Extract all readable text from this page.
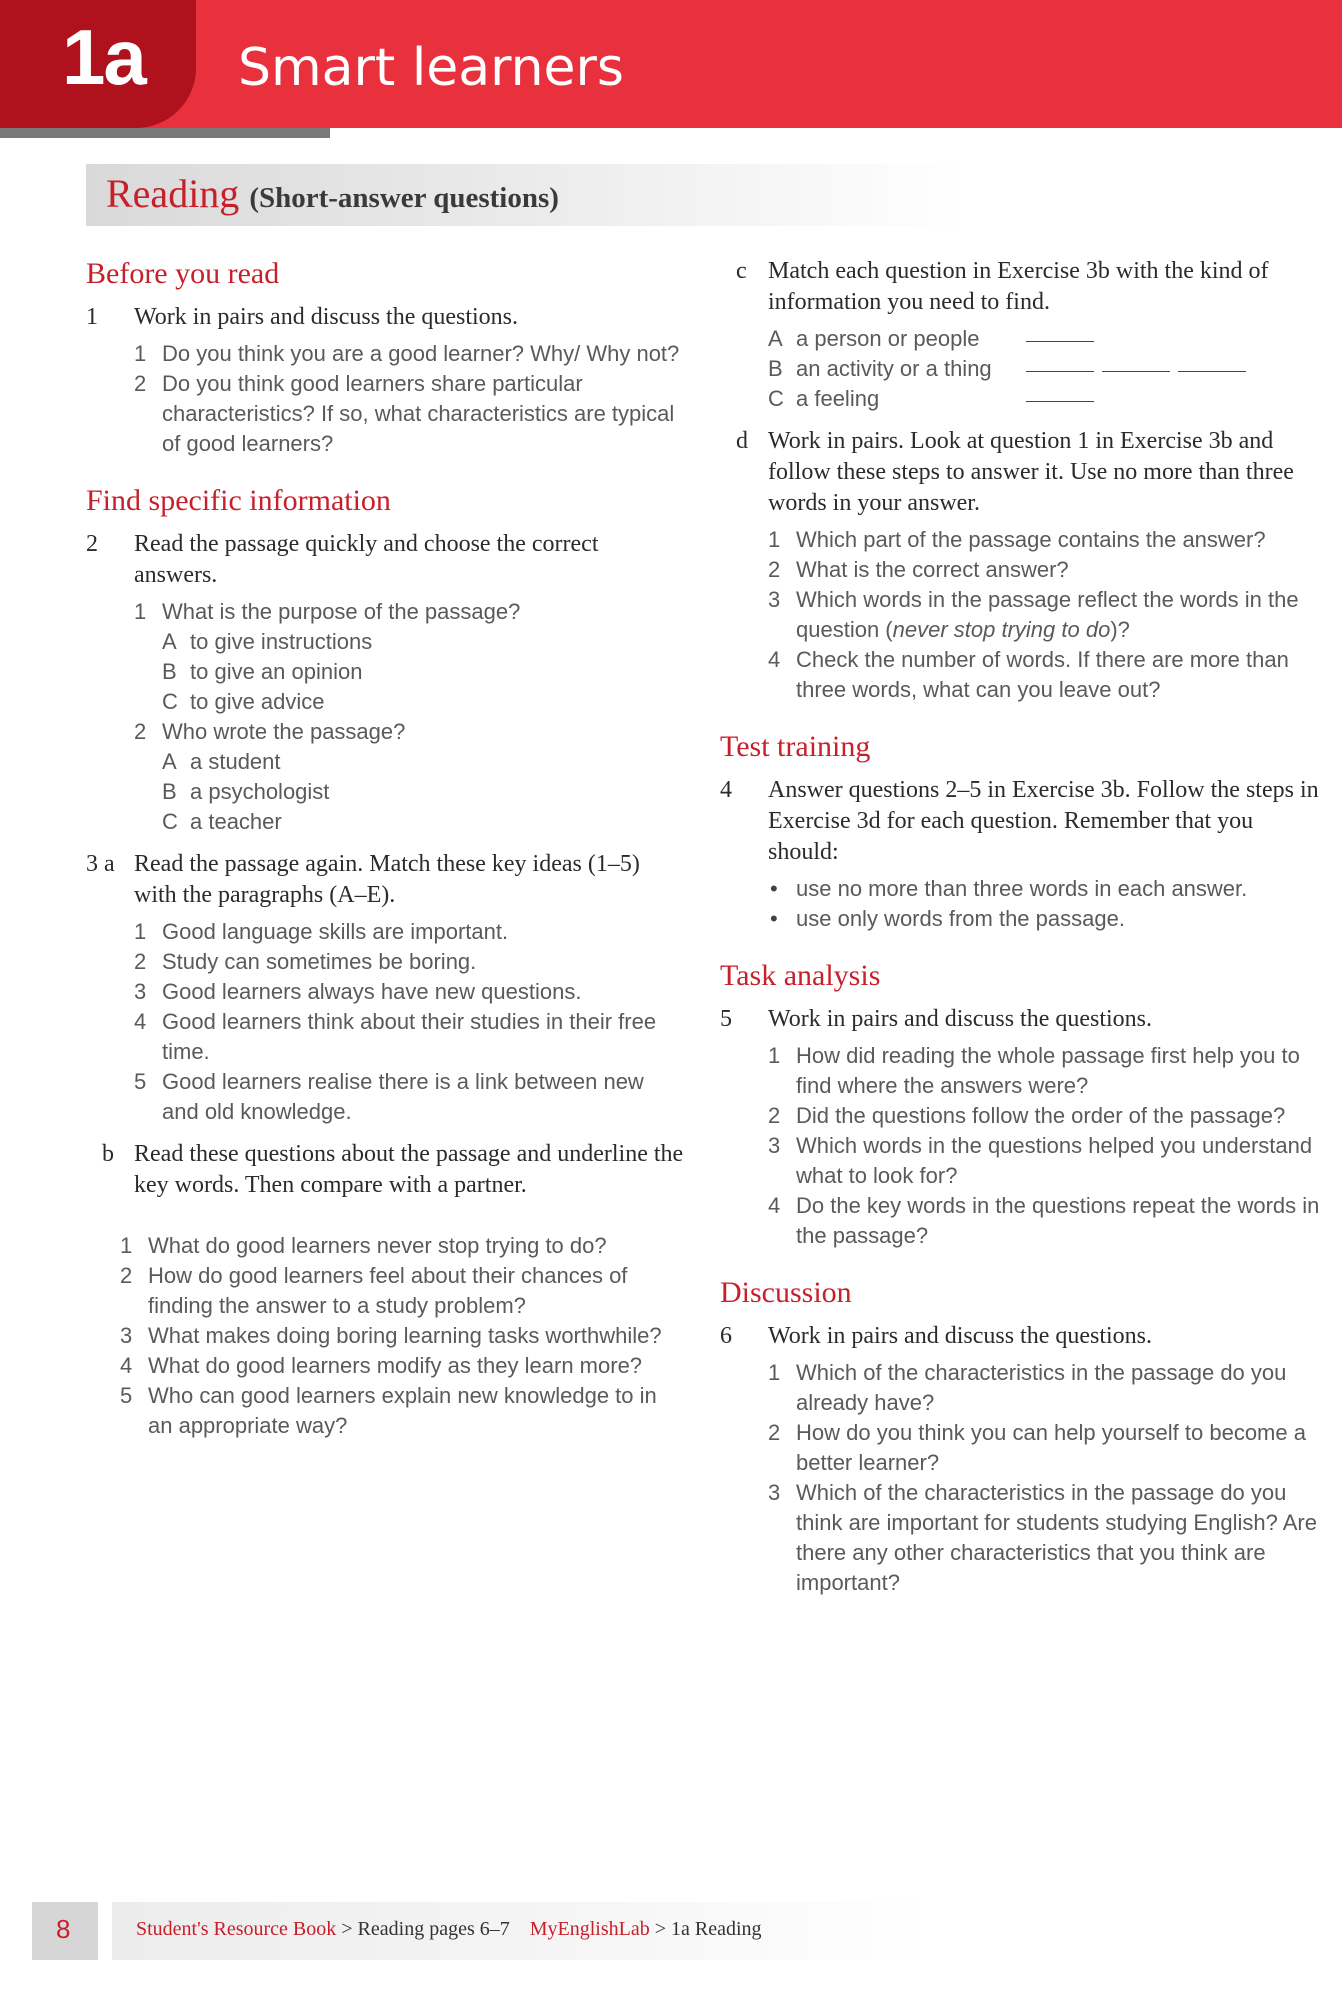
1a Smart learners
Reading (Short-answer questions)
Before you read
1 Work in pairs and discuss the questions.
1 Do you think you are a good learner? Why/ Why not?
2 Do you think good learners share particular characteristics? If so, what characteristics are typical of good learners?
Find specific information
2 Read the passage quickly and choose the correct answers.
1 What is the purpose of the passage?
A to give instructions
B to give an opinion
C to give advice
2 Who wrote the passage?
A a student
B a psychologist
C a teacher
3 a Read the passage again. Match these key ideas (1–5) with the paragraphs (A–E).
1 Good language skills are important.
2 Study can sometimes be boring.
3 Good learners always have new questions.
4 Good learners think about their studies in their free time.
5 Good learners realise there is a link between new and old knowledge.
b Read these questions about the passage and underline the key words. Then compare with a partner.
1 What do good learners never stop trying to do?
2 How do good learners feel about their chances of finding the answer to a study problem?
3 What makes doing boring learning tasks worthwhile?
4 What do good learners modify as they learn more?
5 Who can good learners explain new knowledge to in an appropriate way?
c Match each question in Exercise 3b with the kind of information you need to find.
A a person or people
B an activity or a thing
C a feeling
d Work in pairs. Look at question 1 in Exercise 3b and follow these steps to answer it. Use no more than three words in your answer.
1 Which part of the passage contains the answer?
2 What is the correct answer?
3 Which words in the passage reflect the words in the question (never stop trying to do)?
4 Check the number of words. If there are more than three words, what can you leave out?
Test training
4 Answer questions 2–5 in Exercise 3b. Follow the steps in Exercise 3d for each question. Remember that you should:
• use no more than three words in each answer.
• use only words from the passage.
Task analysis
5 Work in pairs and discuss the questions.
1 How did reading the whole passage first help you to find where the answers were?
2 Did the questions follow the order of the passage?
3 Which words in the questions helped you understand what to look for?
4 Do the key words in the questions repeat the words in the passage?
Discussion
6 Work in pairs and discuss the questions.
1 Which of the characteristics in the passage do you already have?
2 How do you think you can help yourself to become a better learner?
3 Which of the characteristics in the passage do you think are important for students studying English? Are there any other characteristics that you think are important?
8	Student's Resource Book > Reading pages 6–7 MyEnglishLab > 1a Reading
